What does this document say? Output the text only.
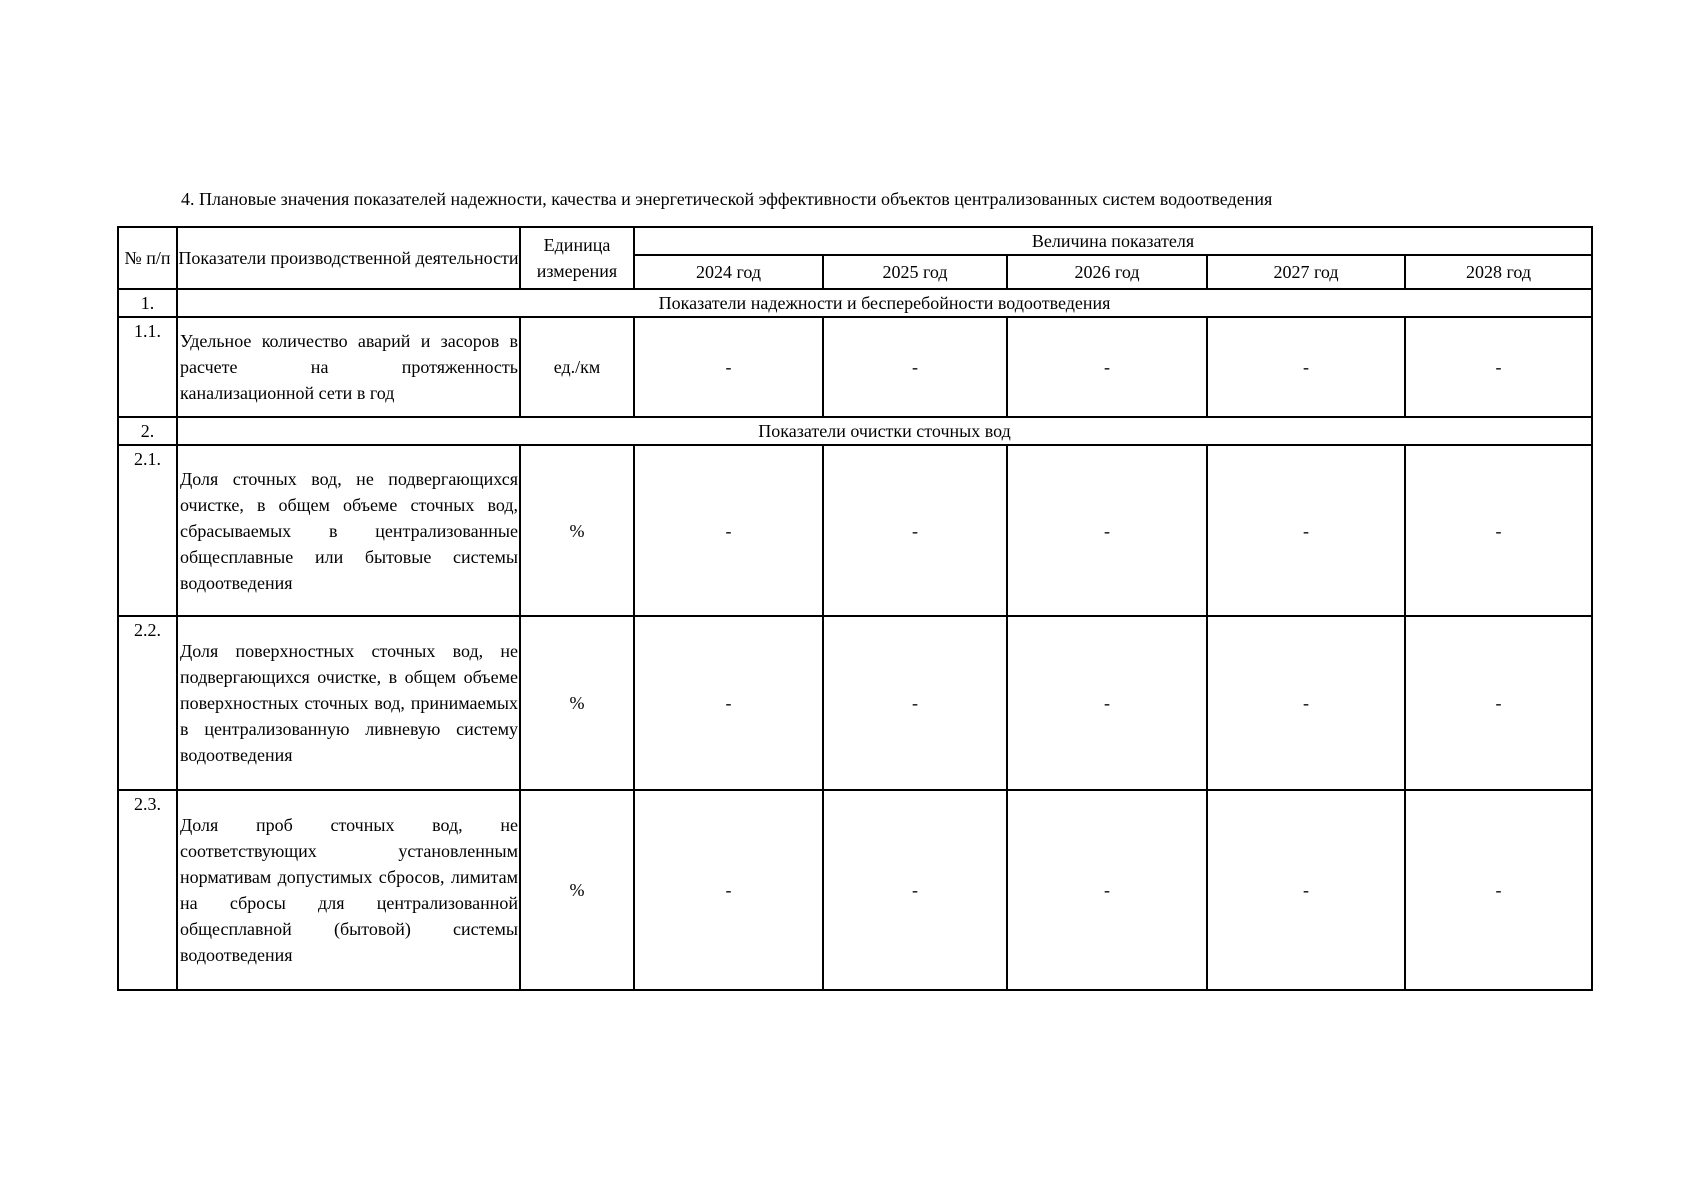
4. Плановые значения показателей надежности, качества и энергетической эффективности объектов централизованных систем водоотведения
№ п/п	Показатели производственной деятельности	Единица измерения	Величина показателя				
			2024 год	2025 год	2026 год	2027 год	2028 год
1.	Показатели надежности и бесперебойности водоотведения						
1.1.	Удельное количество аварий и засоров в расчете на протяженность канализационной сети в год	ед./км	-	-	-	-	-
2.	Показатели очистки сточных вод						
2.1.	Доля сточных вод, не подвергающихся очистке, в общем объеме сточных вод, сбрасываемых в централизованные общесплавные или бытовые системы водоотведения	%	-	-	-	-	-
2.2.	Доля поверхностных сточных вод, не подвергающихся очистке, в общем объеме поверхностных сточных вод, принимаемых в централизованную ливневую систему водоотведения	%	-	-	-	-	-
2.3.	Доля проб сточных вод, не соответствующих установленным нормативам допустимых сбросов, лимитам на сбросы для централизованной общесплавной (бытовой) системы водоотведения	%	-	-	-	-	-
